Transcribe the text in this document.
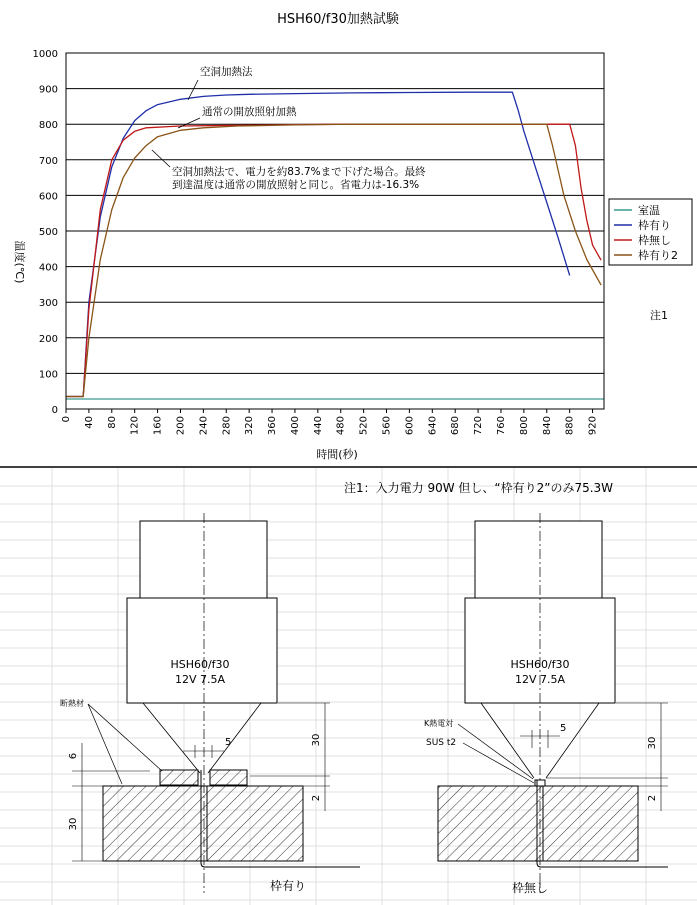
HSH60/f30加熱試験
0 40 80 120 160 200 240 280 320 360 400 440 480 520 560 600 640 680 720 760 800 840 880 920
0
100
200
300
400
500
600
700
800
900
1000
時間(秒)
温度(℃)
空洞加熱法
通常の開放照射加熱
空洞加熱法で、電力を約83.7%まで下げた場合。最終
到達温度は通常の開放照射と同じ。省電力は-16.3%
室温
枠有り
枠無し
枠有り2
注1
注1：入力電力 90W 但し、“枠有り2”のみ75.3W
HSH60/f30
12V 7.5A
断熱材
5
6
30
30
2
枠有り
HSH60/f30
12V 7.5A
K熱電対
SUS t2
5
30
2
枠無し
